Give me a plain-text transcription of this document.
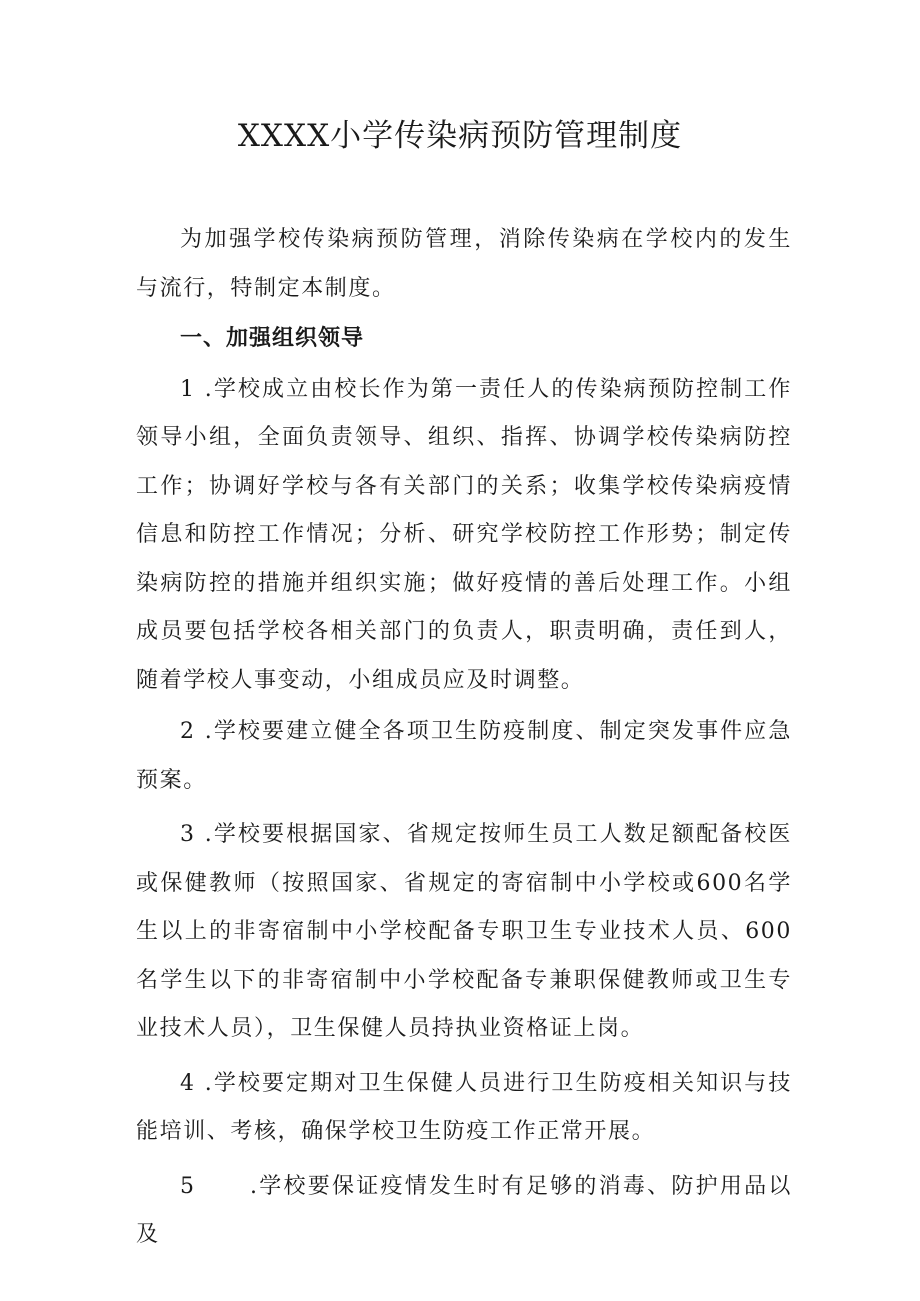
XXXX小学传染病预防管理制度

为加强学校传染病预防管理，消除传染病在学校内的发生与流行，特制定本制度。

一、加强组织领导

1 .学校成立由校长作为第一责任人的传染病预防控制工作领导小组，全面负责领导、组织、指挥、协调学校传染病防控工作；协调好学校与各有关部门的关系；收集学校传染病疫情信息和防控工作情况；分析、研究学校防控工作形势；制定传染病防控的措施并组织实施；做好疫情的善后处理工作。小组成员要包括学校各相关部门的负责人，职责明确，责任到人，随着学校人事变动，小组成员应及时调整。

2 .学校要建立健全各项卫生防疫制度、制定突发事件应急预案。

3 .学校要根据国家、省规定按师生员工人数足额配备校医或保健教师（按照国家、省规定的寄宿制中小学校或600名学生以上的非寄宿制中小学校配备专职卫生专业技术人员、600名学生以下的非寄宿制中小学校配备专兼职保健教师或卫生专业技术人员），卫生保健人员持执业资格证上岗。

4 .学校要定期对卫生保健人员进行卫生防疫相关知识与技能培训、考核，确保学校卫生防疫工作正常开展。

5 .学校要保证疫情发生时有足够的消毒、防护用品以及
